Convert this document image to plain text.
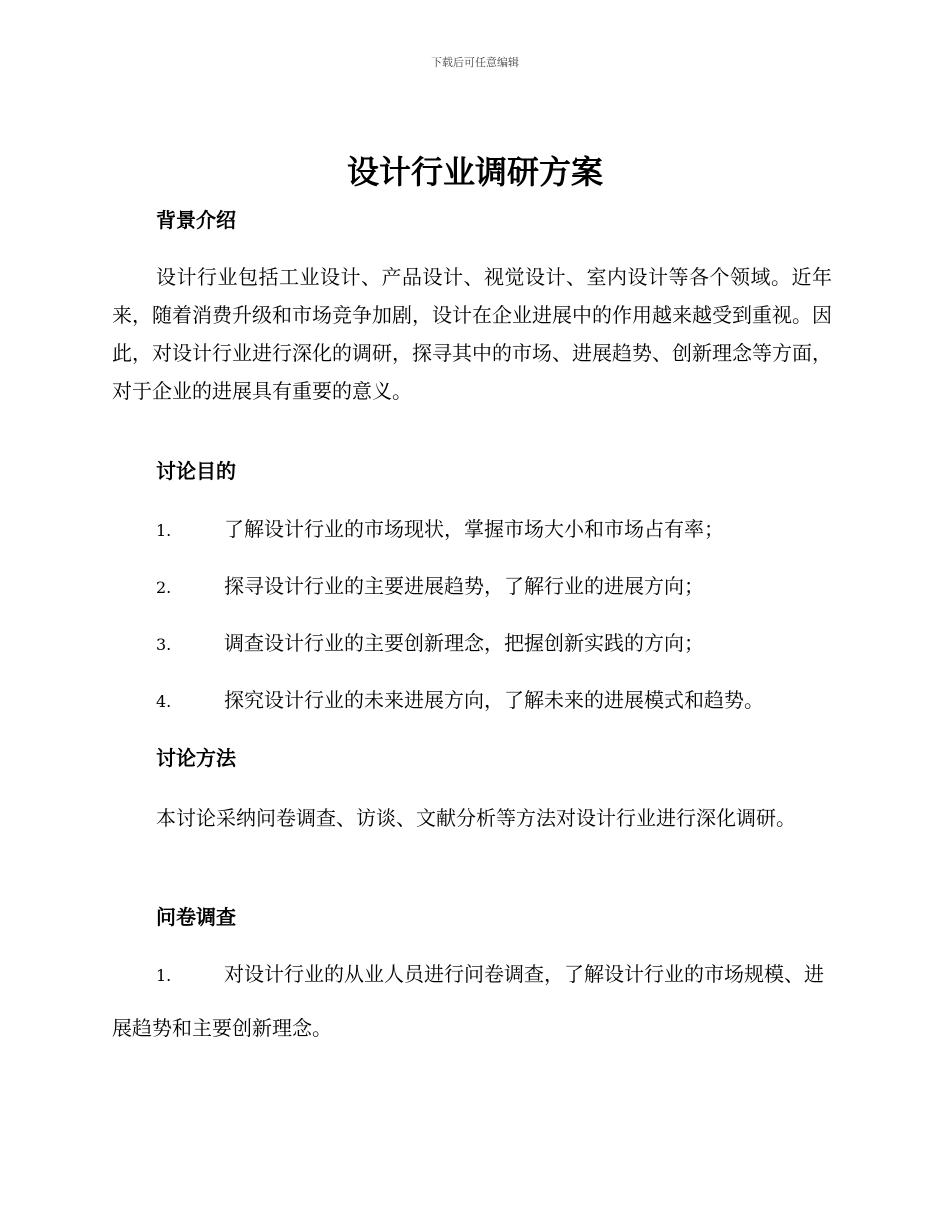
下载后可任意编辑
设计行业调研方案
背景介绍

设计行业包括工业设计、产品设计、视觉设计、室内设计等各个领域。近年来，随着消费升级和市场竞争加剧，设计在企业进展中的作用越来越受到重视。因此，对设计行业进行深化的调研，探寻其中的市场、进展趋势、创新理念等方面，对于企业的进展具有重要的意义。

讨论目的
1.	了解设计行业的市场现状，掌握市场大小和市场占有率；
2.	探寻设计行业的主要进展趋势，了解行业的进展方向；
3.	调查设计行业的主要创新理念，把握创新实践的方向；
4.	探究设计行业的未来进展方向，了解未来的进展模式和趋势。
讨论方法

本讨论采纳问卷调查、访谈、文献分析等方法对设计行业进行深化调研。

问卷调查
1.	对设计行业的从业人员进行问卷调查，了解设计行业的市场规模、进展趋势和主要创新理念。
